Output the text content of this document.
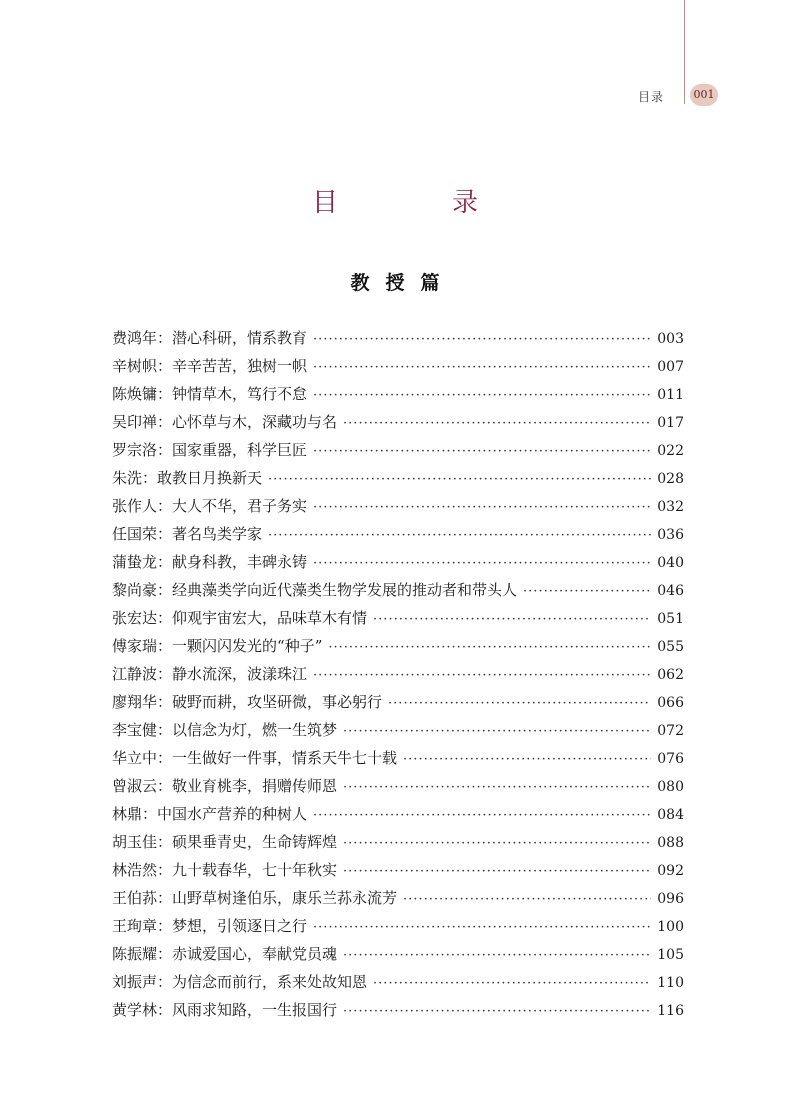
目录	001
目　录
教授篇
费鸿年 ： 潜心科研，情系教育 ·····	003
辛树帜 ： 辛辛苦苦，独树一帜 ·····	007
陈焕镛 ： 钟情草木，笃行不怠 ·····	011
吴印禅 ： 心怀草与木，深藏功与名 ·····	017
罗宗洛 ： 国家重器，科学巨匠 ·····	022
朱洗 ： 敢教日月换新天 ·····	028
张作人 ： 大人不华，君子务实 ·····	032
任国荣 ： 著名鸟类学家 ·····	036
蒲蛰龙 ： 献身科教，丰碑永铸 ·····	040
黎尚豪 ： 经典藻类学向近代藻类生物学发展的推动者和带头人 ·····	046
张宏达 ： 仰观宇宙宏大，品味草木有情 ·····	051
傅家瑞 ： 一颗闪闪发光的“种子” ·····	055
江静波 ： 静水流深，波漾珠江 ·····	062
廖翔华 ： 破野而耕，攻坚研微，事必躬行 ·····	066
李宝健 ： 以信念为灯，燃一生筑梦 ·····	072
华立中 ： 一生做好一件事，情系天牛七十载 ·····	076
曾淑云 ： 敬业育桃李，捐赠传师恩 ·····	080
林鼎 ： 中国水产营养的种树人 ·····	084
胡玉佳 ： 硕果垂青史，生命铸辉煌 ·····	088
林浩然 ： 九十载春华，七十年秋实 ·····	092
王伯荪 ： 山野草树逢伯乐，康乐兰荪永流芳 ·····	096
王珣章 ： 梦想，引领逐日之行 ·····	100
陈振耀 ： 赤诚爱国心，奉献党员魂 ·····	105
刘振声 ： 为信念而前行，系来处故知恩 ·····	110
黄学林 ： 风雨求知路，一生报国行 ·····	116
